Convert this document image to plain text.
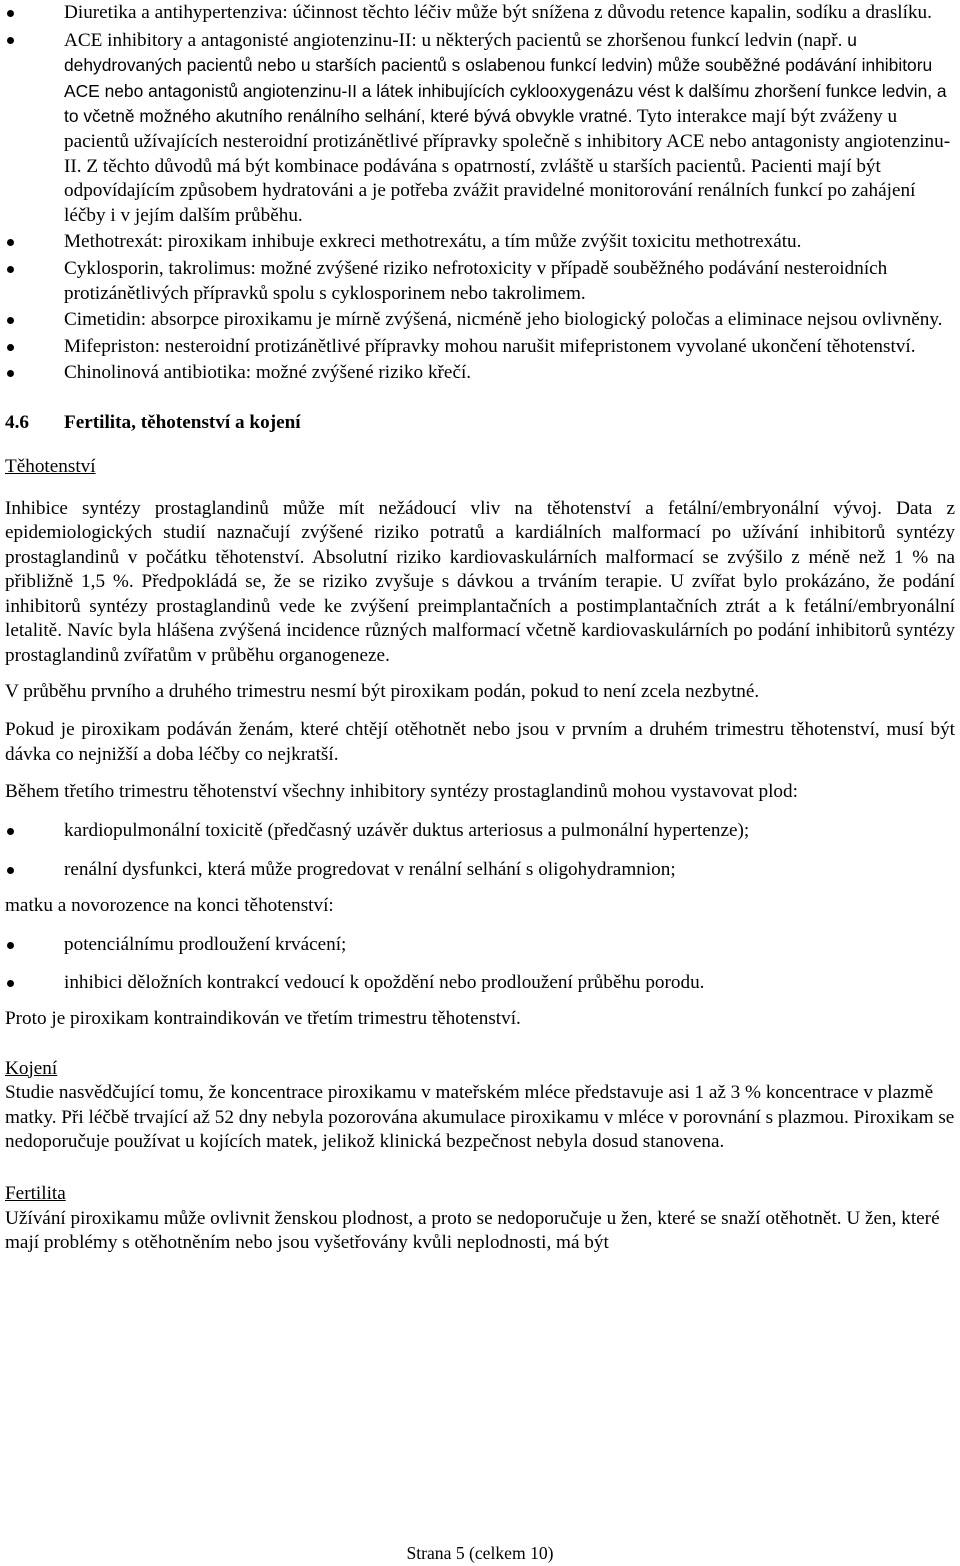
Diuretika a antihypertenziva: účinnost těchto léčiv může být snížena z důvodu retence kapalin, sodíku a draslíku.
ACE inhibitory a antagonisté angiotenzinu-II: u některých pacientů se zhoršenou funkcí ledvin (např. u dehydrovaných pacientů nebo u starších pacientů s oslabenou funkcí ledvin) může souběžné podávání inhibitoru ACE nebo antagonistů angiotenzinu-II a látek inhibujících cyklooxygenázu vést k dalšímu zhoršení funkce ledvin, a to včetně možného akutního renálního selhání, které bývá obvykle vratné. Tyto interakce mají být zváženy u pacientů užívajících nesteroidní protizánětlivé přípravky společně s inhibitory ACE nebo antagonisty angiotenzinu-II. Z těchto důvodů má být kombinace podávána s opatrností, zvláště u starších pacientů. Pacienti mají být odpovídajícím způsobem hydratováni a je potřeba zvážit pravidelné monitorování renálních funkcí po zahájení léčby i v jejím dalším průběhu.
Methotrexát: piroxikam inhibuje exkreci methotrexátu, a tím může zvýšit toxicitu methotrexátu.
Cyklosporin, takrolimus: možné zvýšené riziko nefrotoxicity v případě souběžného podávání nesteroidních protizánětlivých přípravků spolu s cyklosporinem nebo takrolimem.
Cimetidin: absorpce piroxikamu je mírně zvýšená, nicméně jeho biologický poločas a eliminace nejsou ovlivněny.
Mifepriston: nesteroidní protizánětlivé přípravky mohou narušit mifepristonem vyvolané ukončení těhotenství.
Chinolinová antibiotika: možné zvýšené riziko křečí.
4.6 Fertilita, těhotenství a kojení

Těhotenství

Inhibice syntézy prostaglandinů může mít nežádoucí vliv na těhotenství a fetální/embryonální vývoj. Data z epidemiologických studií naznačují zvýšené riziko potratů a kardiálních malformací po užívání inhibitorů syntézy prostaglandinů v počátku těhotenství. Absolutní riziko kardiovaskulárních malformací se zvýšilo z méně než 1 % na přibližně 1,5 %. Předpokládá se, že se riziko zvyšuje s dávkou a trváním terapie. U zvířat bylo prokázáno, že podání inhibitorů syntézy prostaglandinů vede ke zvýšení preimplantačních a postimplantačních ztrát a k fetální/embryonální letalitě. Navíc byla hlášena zvýšená incidence různých malformací včetně kardiovaskulárních po podání inhibitorů syntézy prostaglandinů zvířatům v průběhu organogeneze.

V průběhu prvního a druhého trimestru nesmí být piroxikam podán, pokud to není zcela nezbytné.

Pokud je piroxikam podáván ženám, které chtějí otěhotnět nebo jsou v prvním a druhém trimestru těhotenství, musí být dávka co nejnižší a doba léčby co nejkratší.

Během třetího trimestru těhotenství všechny inhibitory syntézy prostaglandinů mohou vystavovat plod:

kardiopulmonální toxicitě (předčasný uzávěr duktus arteriosus a pulmonální hypertenze);
renální dysfunkci, která může progredovat v renální selhání s oligohydramnion;

matku a novorozence na konci těhotenství:

potenciálnímu prodloužení krvácení;
inhibici děložních kontrakcí vedoucí k opoždění nebo prodloužení průběhu porodu.

Proto je piroxikam kontraindikován ve třetím trimestru těhotenství.

Kojení

Studie nasvědčující tomu, že koncentrace piroxikamu v mateřském mléce představuje asi 1 až 3 % koncentrace v plazmě matky. Při léčbě trvající až 52 dny nebyla pozorována akumulace piroxikamu v mléce v porovnání s plazmou. Piroxikam se nedoporučuje používat u kojících matek, jelikož klinická bezpečnost nebyla dosud stanovena.

Fertilita

Užívání piroxikamu může ovlivnit ženskou plodnost, a proto se nedoporučuje u žen, které se snaží otěhotnět. U žen, které mají problémy s otěhotněním nebo jsou vyšetřovány kvůli neplodnosti, má být

Strana 5 (celkem 10)
